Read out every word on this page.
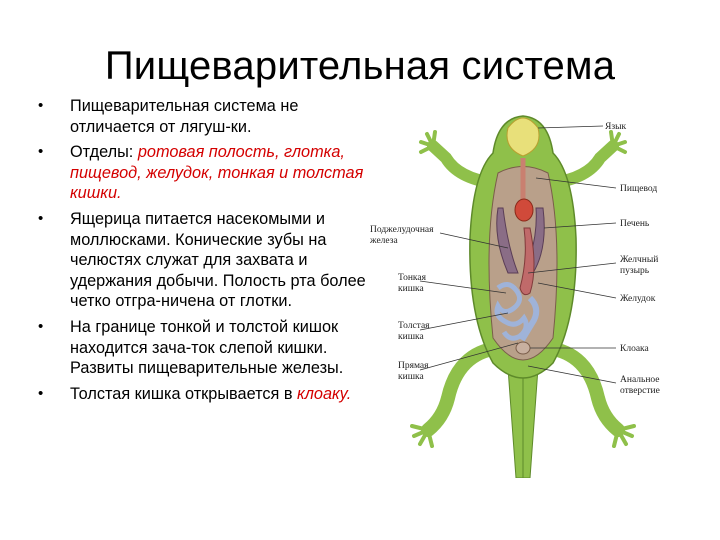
Пищеварительная система
• Пищеварительная система не отличается от лягуш-ки.
• Отделы: ротовая полость, глотка, пищевод, желудок, тонкая и толстая кишки.
• Ящерица питается насекомыми и моллюсками. Конические зубы на челюстях служат для захвата и удержания добычи. Полость рта более четко отгра-ничена от глотки.
• На границе тонкой и толстой кишок находится зача-ток слепой кишки. Развиты пищеварительные железы.
• Толстая кишка открывается в клоаку.
Язык
Пищевод
Поджелудочная
железа
Печень
Желчный
пузырь
Тонкая
кишка
Желудок
Толстая
кишка
Клоака
Прямая
кишка	Анальное
отверстие
